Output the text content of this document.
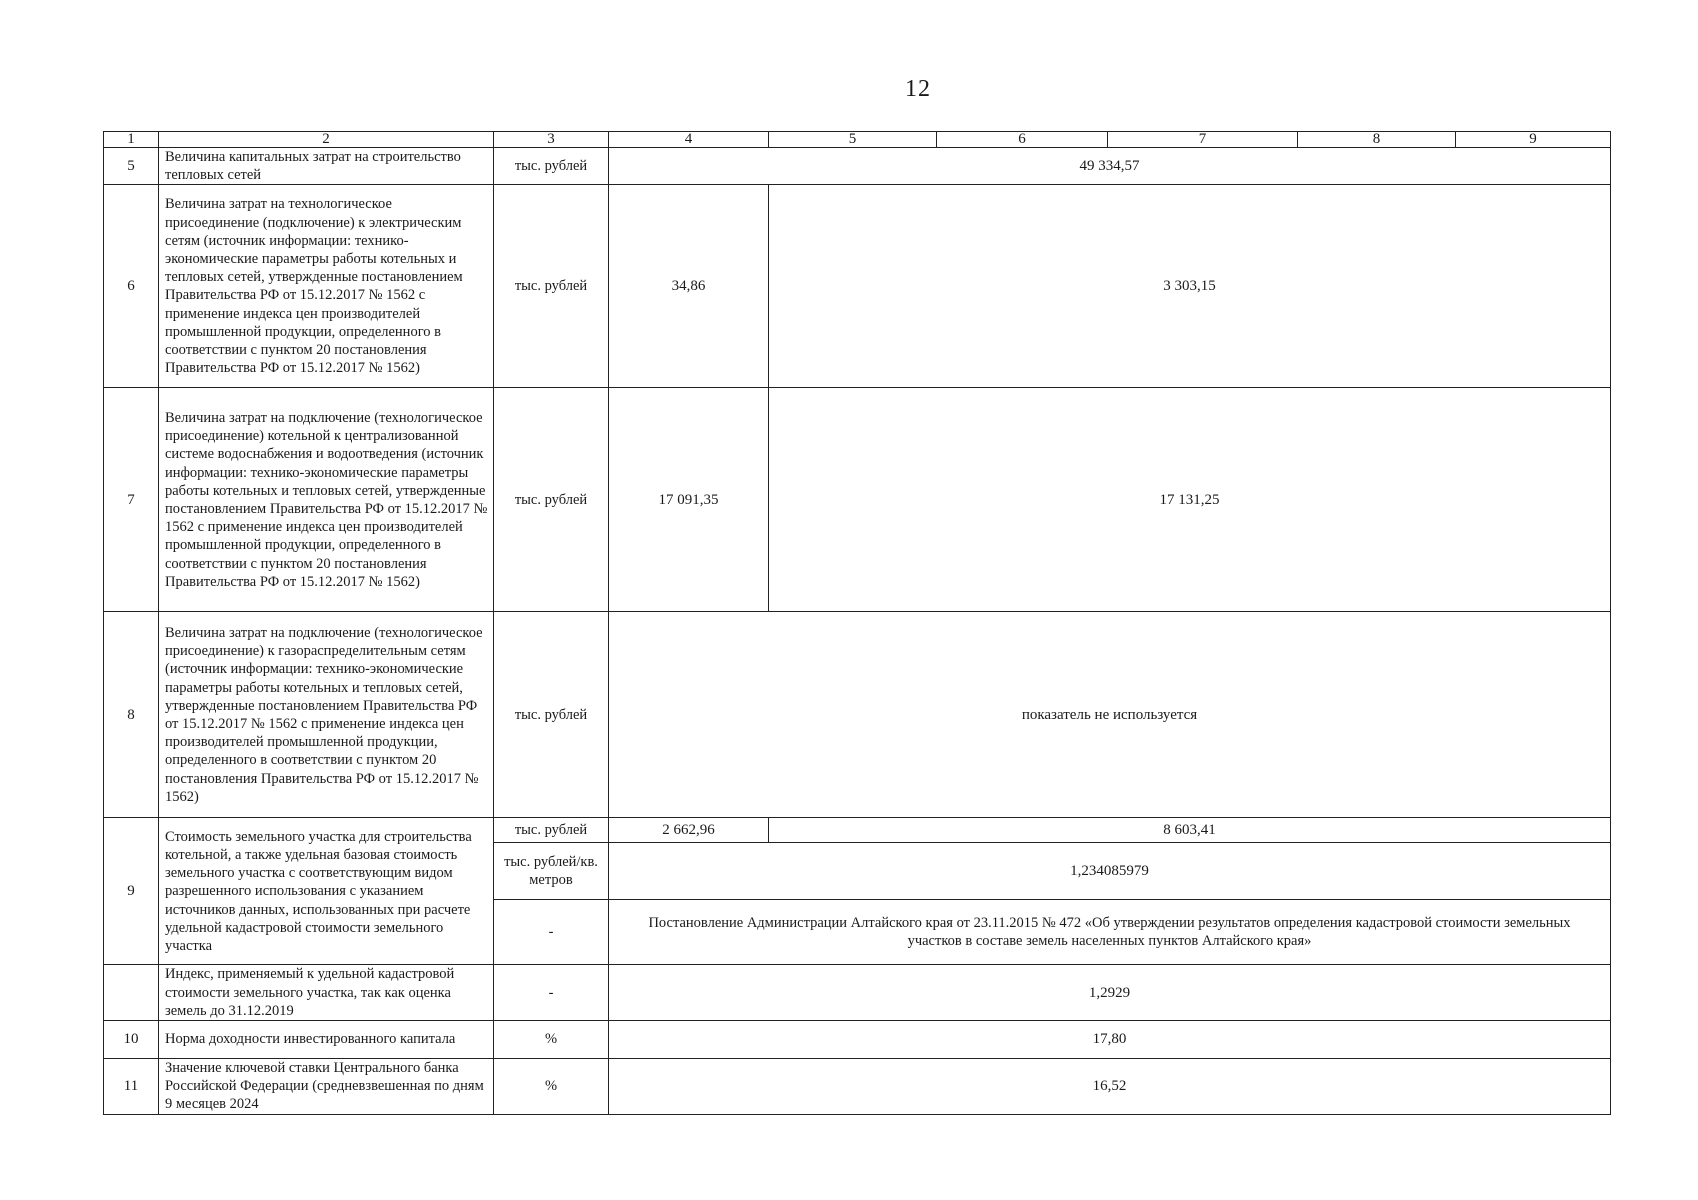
12
1	2	3	4	5	6	7	8	9
5	Величина капитальных затрат на строительство тепловых сетей	тыс. рублей	49 334,57					
6	Величина затрат на технологическое присоединение (подключение) к электрическим сетям (источник информации: технико-экономические параметры работы котельных и тепловых сетей, утвержденные постановлением Правительства РФ от 15.12.2017 № 1562 с применение индекса цен производителей промышленной продукции, определенного в соответствии с пунктом 20 постановления Правительства РФ от 15.12.2017 № 1562)	тыс. рублей	34,86	3 303,15				
7	Величина затрат на подключение (технологическое присоединение) котельной к централизованной системе водоснабжения и водоотведения (источник информации: технико-экономические параметры работы котельных и тепловых сетей, утвержденные постановлением Правительства РФ от 15.12.2017 № 1562 с применение индекса цен производителей промышленной продукции, определенного в соответствии с пунктом 20 постановления Правительства РФ от 15.12.2017 № 1562)	тыс. рублей	17 091,35	17 131,25				
8	Величина затрат на подключение (технологическое присоединение) к газораспределительным сетям (источник информации: технико-экономические параметры работы котельных и тепловых сетей, утвержденные постановлением Правительства РФ от 15.12.2017 № 1562 с применение индекса цен производителей промышленной продукции, определенного в соответствии с пунктом 20 постановления Правительства РФ от 15.12.2017 № 1562)	тыс. рублей	показатель не используется					
9	Стоимость земельного участка для строительства котельной, а также удельная базовая стоимость земельного участка с соответствующим видом разрешенного использования с указанием источников данных, использованных при расчете удельной кадастровой стоимости земельного участка	тыс. рублей	2 662,96	8 603,41				
		тыс. рублей/кв. метров	1,234085979					
		-	Постановление Администрации Алтайского края от 23.11.2015 № 472 «Об утверждении результатов определения кадастровой стоимости земельных участков в составе земель населенных пунктов Алтайского края»					
	Индекс, применяемый к удельной кадастровой стоимости земельного участка, так как оценка земель до 31.12.2019	-	1,2929					
10	Норма доходности инвестированного капитала	%	17,80					
11	Значение ключевой ставки Центрального банка Российской Федерации (средневзвешенная по дням 9 месяцев 2024	%	16,52					
